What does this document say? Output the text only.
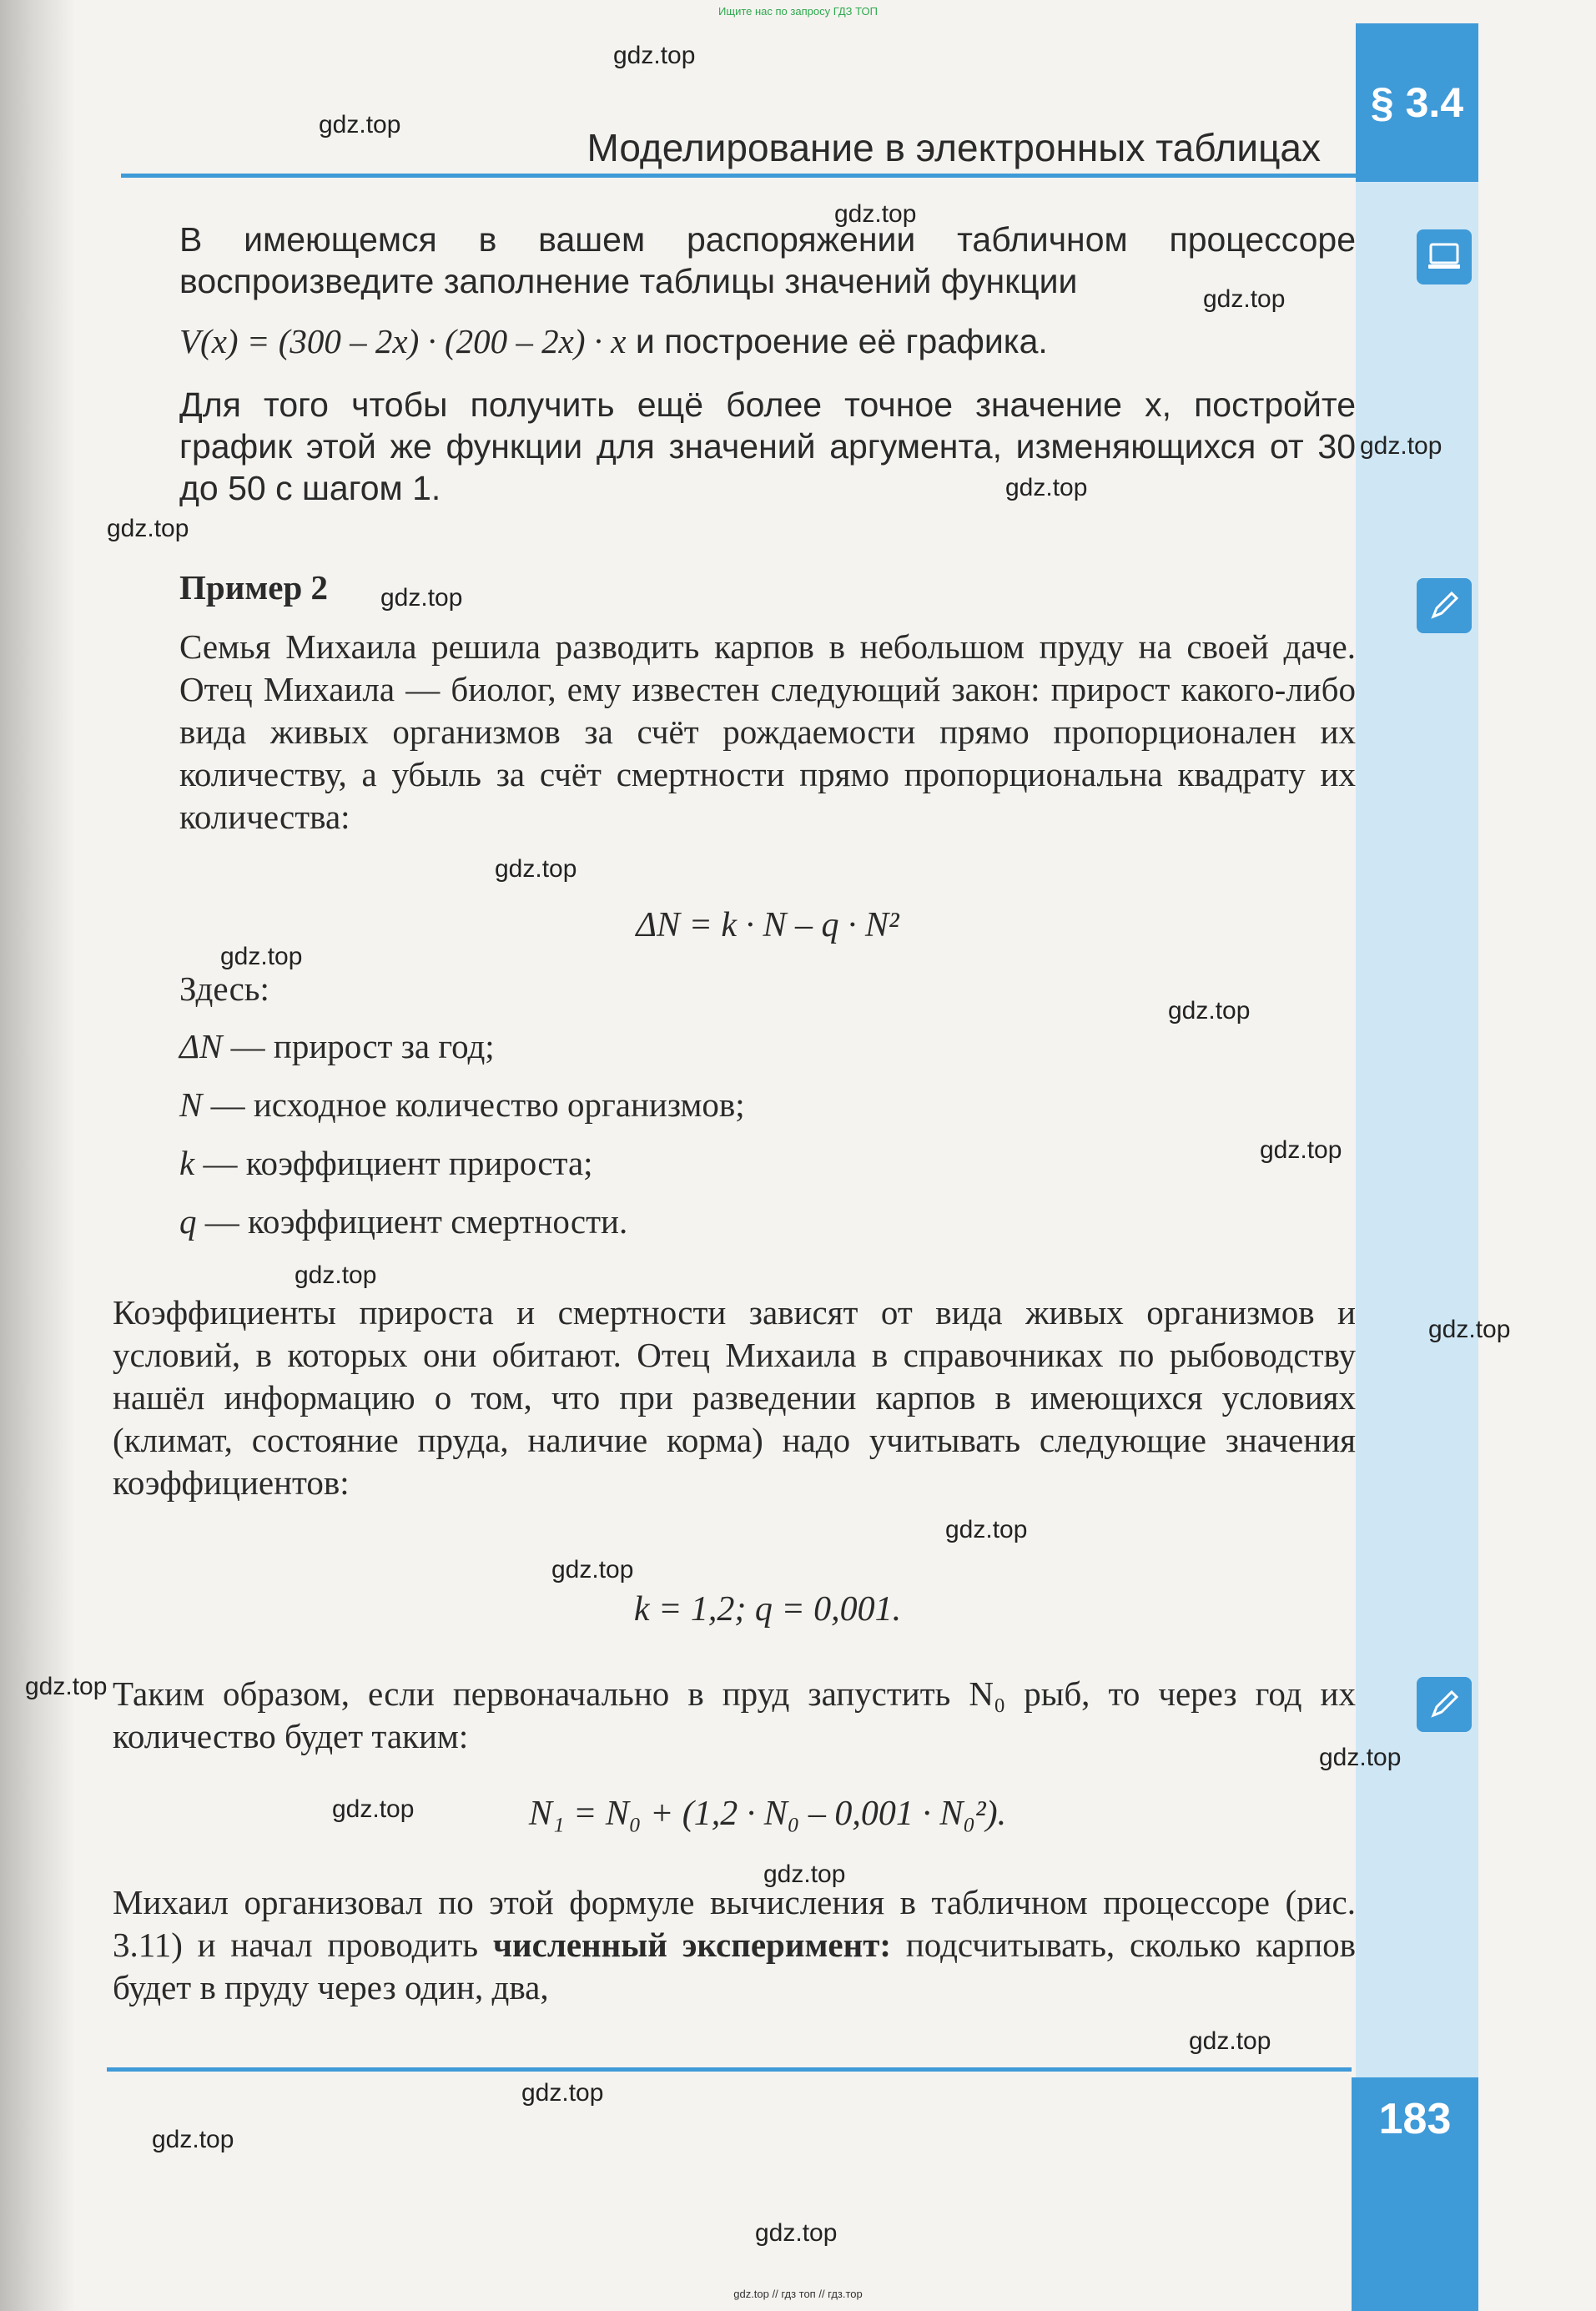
Ищите нас по запросу ГДЗ ТОП
§ 3.4
Моделирование в электронных таблицах
В имеющемся в вашем распоряжении табличном процессоре воспроизведите заполнение таблицы значений функции
V(x) = (300 – 2x) · (200 – 2x) · x и построение её графика.
Для того чтобы получить ещё более точное значение x, постройте график этой же функции для значений аргумента, изменяющихся от 30 до 50 с шагом 1.
Пример 2
Семья Михаила решила разводить карпов в небольшом пруду на своей даче. Отец Михаила — биолог, ему известен следующий закон: прирост какого-либо вида живых организмов за счёт рождаемости прямо пропорционален их количеству, а убыль за счёт смертности прямо пропорциональна квадрату их количества:
ΔN = k · N – q · N²
Здесь:
ΔN — прирост за год;
N — исходное количество организмов;
k — коэффициент прироста;
q — коэффициент смертности.
Коэффициенты прироста и смертности зависят от вида живых организмов и условий, в которых они обитают. Отец Михаила в справочниках по рыбоводству нашёл информацию о том, что при разведении карпов в имеющихся условиях (климат, состояние пруда, наличие корма) надо учитывать следующие значения коэффициентов:
k = 1,2; q = 0,001.
Таким образом, если первоначально в пруд запустить N₀ рыб, то через год их количество будет таким:
N₁ = N₀ + (1,2 · N₀ – 0,001 · N₀²).
Михаил организовал по этой формуле вычисления в табличном процессоре (рис. 3.11) и начал проводить численный эксперимент: подсчитывать, сколько карпов будет в пруду через один, два,
183
gdz.top
gdz.top
gdz.top
gdz.top
gdz.top
gdz.top
gdz.top
gdz.top
gdz.top
gdz.top
gdz.top
gdz.top
gdz.top
gdz.top
gdz.top
gdz.top
gdz.top
gdz.top
gdz.top
gdz.top
gdz.top
gdz.top
gdz.top
gdz.top
gdz.top // гдз топ // гдз.тор
